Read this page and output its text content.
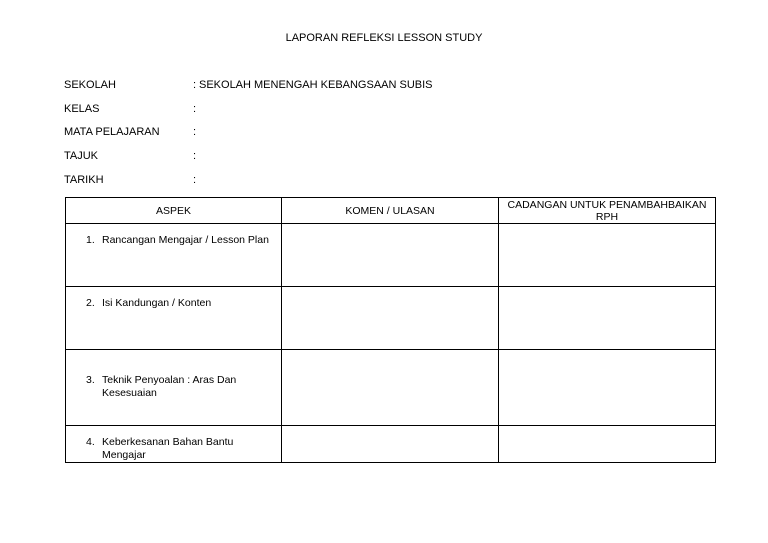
LAPORAN REFLEKSI LESSON STUDY
SEKOLAH	: SEKOLAH MENENGAH KEBANGSAAN SUBIS
KELAS	:
MATA PELAJARAN	:
TAJUK	:
TARIKH	:
ASPEK	KOMEN / ULASAN	CADANGAN UNTUK PENAMBAHBAIKAN RPH

1. Rancangan Mengajar / Lesson Plan		

2. Isi Kandungan / Konten		

3. Teknik Penyoalan : Aras Dan Kesesuaian		

4. Keberkesanan Bahan Bantu Mengajar		
